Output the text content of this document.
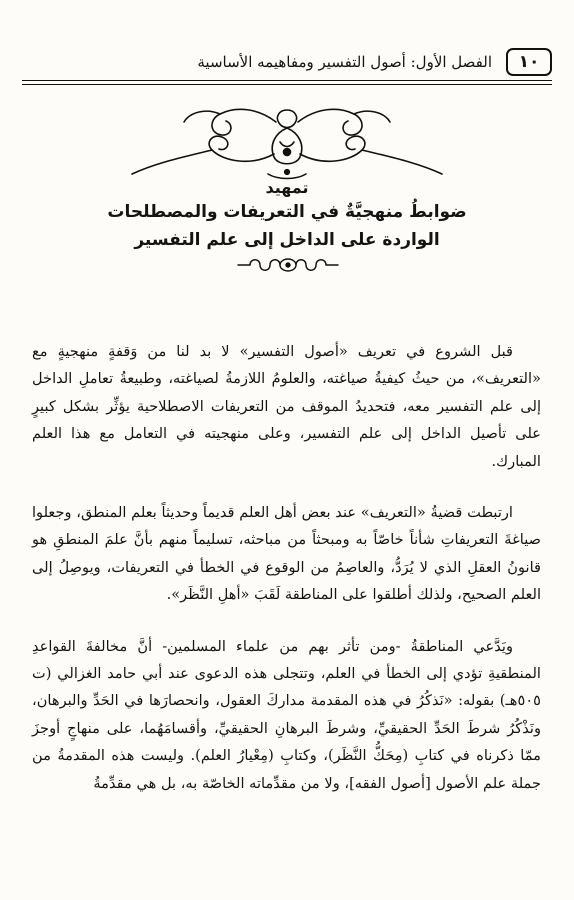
١٠
الفصل الأول: أصول التفسير ومفاهيمه الأساسية
تمهيد
ضوابطُ منهجيَّةٌ في التعريفات والمصطلحات
الواردة على الداخل إلى علم التفسير

قبل الشروع في تعريف «أصول التفسير» لا بد لنا من وَقفةٍ منهجيةٍ مع «التعريف»، من حيثُ كيفيةُ صياغته، والعلومُ اللازمةُ لصياغته، وطبيعةُ تعاملِ الداخل إلى علم التفسير معه، فتحديدُ الموقف من التعريفات الاصطلاحية يؤثِّر بشكل كبيرٍ على تأصيل الداخل إلى علم التفسير، وعلى منهجيته في التعامل مع هذا العلم المبارك.

ارتبطت قضيةُ «التعريف» عند بعض أهل العلم قديماً وحديثاً بعلم المنطق، وجعلوا صياغةَ التعريفاتِ شأناً خاصّاً به ومبحثاً من مباحثه، تسليماً منهم بأنَّ علمَ المنطقِ هو قانونُ العقلِ الذي لا يُرَدُّ، والعاصِمُ من الوقوع في الخطأ في التعريفات، ويوصِلُ إلى العلم الصحيح، ولذلك أطلقوا على المناطقة لَقَبَ «أهلِ النَّظَر».

ويَدَّعي المناطقةُ -ومن تأثر بهم من علماء المسلمين- أنَّ مخالفةَ القواعدِ المنطقيةِ تؤدي إلى الخطأ في العلم، وتتجلى هذه الدعوى عند أبي حامد الغزالي (ت ٥٠٥هـ) بقوله: «نَذكُرُ في هذه المقدمة مداركَ العقول، وانحصارَها في الحَدِّ والبرهان، ونَذْكُرُ شرطَ الحَدِّ الحقيقيِّ، وشرطَ البرهانِ الحقيقيِّ، وأقسامَهُما، على منهاجٍ أوجزَ ممّا ذكرناه في كتابِ (مِحَكُّ النَّظَر)، وكتابِ (مِعْيارُ العلم). وليست هذه المقدمةُ من جملة علم الأصول [أصول الفقه]، ولا من مقدِّماته الخاصّة به، بل هي مقدِّمةُ
